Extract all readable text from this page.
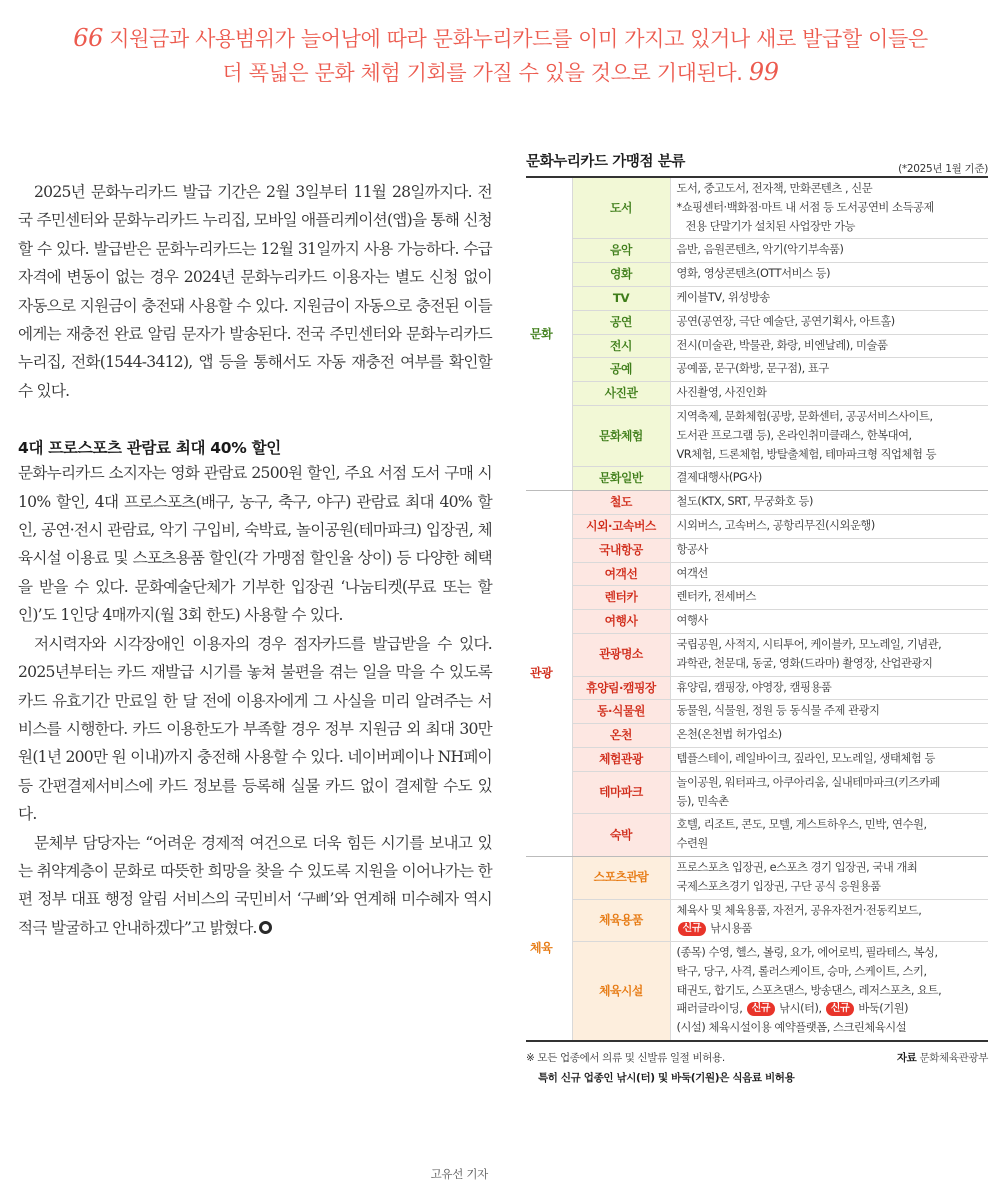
66 지원금과 사용범위가 늘어남에 따라 문화누리카드를 이미 가지고 있거나 새로 발급할 이들은
더 폭넓은 문화 체험 기회를 가질 수 있을 것으로 기대된다. 99

2025년 문화누리카드 발급 기간은 2월 3일부터 11월 28일까지다. 전국 주민센터와 문화누리카드 누리집, 모바일 애플리케이션(앱)을 통해 신청할 수 있다. 발급받은 문화누리카드는 12월 31일까지 사용 가능하다. 수급 자격에 변동이 없는 경우 2024년 문화누리카드 이용자는 별도 신청 없이 자동으로 지원금이 충전돼 사용할 수 있다. 지원금이 자동으로 충전된 이들에게는 재충전 완료 알림 문자가 발송된다. 전국 주민센터와 문화누리카드 누리집, 전화(1544-3412), 앱 등을 통해서도 자동 재충전 여부를 확인할 수 있다.

4대 프로스포츠 관람료 최대 40% 할인

문화누리카드 소지자는 영화 관람료 2500원 할인, 주요 서점 도서 구매 시 10% 할인, 4대 프로스포츠(배구, 농구, 축구, 야구) 관람료 최대 40% 할인, 공연·전시 관람료, 악기 구입비, 숙박료, 놀이공원(테마파크) 입장권, 체육시설 이용료 및 스포츠용품 할인(각 가맹점 할인율 상이) 등 다양한 혜택을 받을 수 있다. 문화예술단체가 기부한 입장권 ‘나눔티켓(무료 또는 할인)’도 1인당 4매까지(월 3회 한도) 사용할 수 있다.

저시력자와 시각장애인 이용자의 경우 점자카드를 발급받을 수 있다. 2025년부터는 카드 재발급 시기를 놓쳐 불편을 겪는 일을 막을 수 있도록 카드 유효기간 만료일 한 달 전에 이용자에게 그 사실을 미리 알려주는 서비스를 시행한다. 카드 이용한도가 부족할 경우 정부 지원금 외 최대 30만 원(1년 200만 원 이내)까지 충전해 사용할 수 있다. 네이버페이나 NH페이 등 간편결제서비스에 카드 정보를 등록해 실물 카드 없이 결제할 수도 있다.

문체부 담당자는 “어려운 경제적 여건으로 더욱 힘든 시기를 보내고 있는 취약계층이 문화로 따뜻한 희망을 찾을 수 있도록 지원을 이어나가는 한편 정부 대표 행정 알림 서비스의 국민비서 ‘구삐’와 연계해 미수혜자 역시 적극 발굴하고 안내하겠다”고 밝혔다.

고유선 기자
문화누리카드 가맹점 분류	(*2025년 1월 기준)
문화	도서	도서, 중고도서, 전자책, 만화콘텐츠 , 신문
*쇼핑센터·백화점·마트 내 서점 등 도서공연비 소득공제
전용 단말기가 설치된 사업장만 가능

	음악	음반, 음원콘텐츠, 악기(악기부속품)
	영화	영화, 영상콘텐츠(OTT서비스 등)
	TV	케이블TV, 위성방송
	공연	공연(공연장, 극단 예술단, 공연기획사, 아트홀)
	전시	전시(미술관, 박물관, 화랑, 비엔날레), 미술품
	공예	공예품, 문구(화방, 문구점), 표구
	사진관	사진촬영, 사진인화
	문화체험	지역축제, 문화체험(공방, 문화센터, 공공서비스사이트,
도서관 프로그램 등), 온라인취미클래스, 한복대여,
VR체험, 드론체험, 방탈출체험, 테마파크형 직업체험 등

	문화일반	결제대행사(PG사)
관광	철도	철도(KTX, SRT, 무궁화호 등)
	시외·고속버스	시외버스, 고속버스, 공항리무진(시외운행)
	국내항공	항공사
	여객선	여객선
	렌터카	렌터카, 전세버스
	여행사	여행사
	관광명소	국립공원, 사적지, 시티투어, 케이블카, 모노레일, 기념관,
과학관, 천문대, 동굴, 영화(드라마) 촬영장, 산업관광지

	휴양림·캠핑장	휴양림, 캠핑장, 야영장, 캠핑용품
	동·식물원	동물원, 식물원, 정원 등 동식물 주제 관광지
	온천	온천(온천법 허가업소)
	체험관광	템플스테이, 레일바이크, 짚라인, 모노레일, 생태체험 등
	테마파크	놀이공원, 워터파크, 아쿠아리움, 실내테마파크(키즈카페
등), 민속촌

	숙박	호텔, 리조트, 콘도, 모텔, 게스트하우스, 민박, 연수원,
수련원

체육	스포츠관람	프로스포츠 입장권, e스포츠 경기 입장권, 국내 개최
국제스포츠경기 입장권, 구단 공식 응원용품

	체육용품	체육사 및 체육용품, 자전거, 공유자전거·전동킥보드,
신규 낚시용품

	체육시설	(종목) 수영, 헬스, 볼링, 요가, 에어로빅, 필라테스, 복싱,
탁구, 당구, 사격, 롤러스케이트, 승마, 스케이트, 스키,
태권도, 합기도, 스포츠댄스, 방송댄스, 레저스포츠, 요트,
패러글라이딩, 신규 낚시(터), 신규 바둑(기원)
(시설) 체육시설이용 예약플랫폼, 스크린체육시설
※ 모든 업종에서 의류 및 신발류 일절 비허용.
특히 신규 업종인 낚시(터) 및 바둑(기원)은 식음료 비허용
자료 문화체육관광부
